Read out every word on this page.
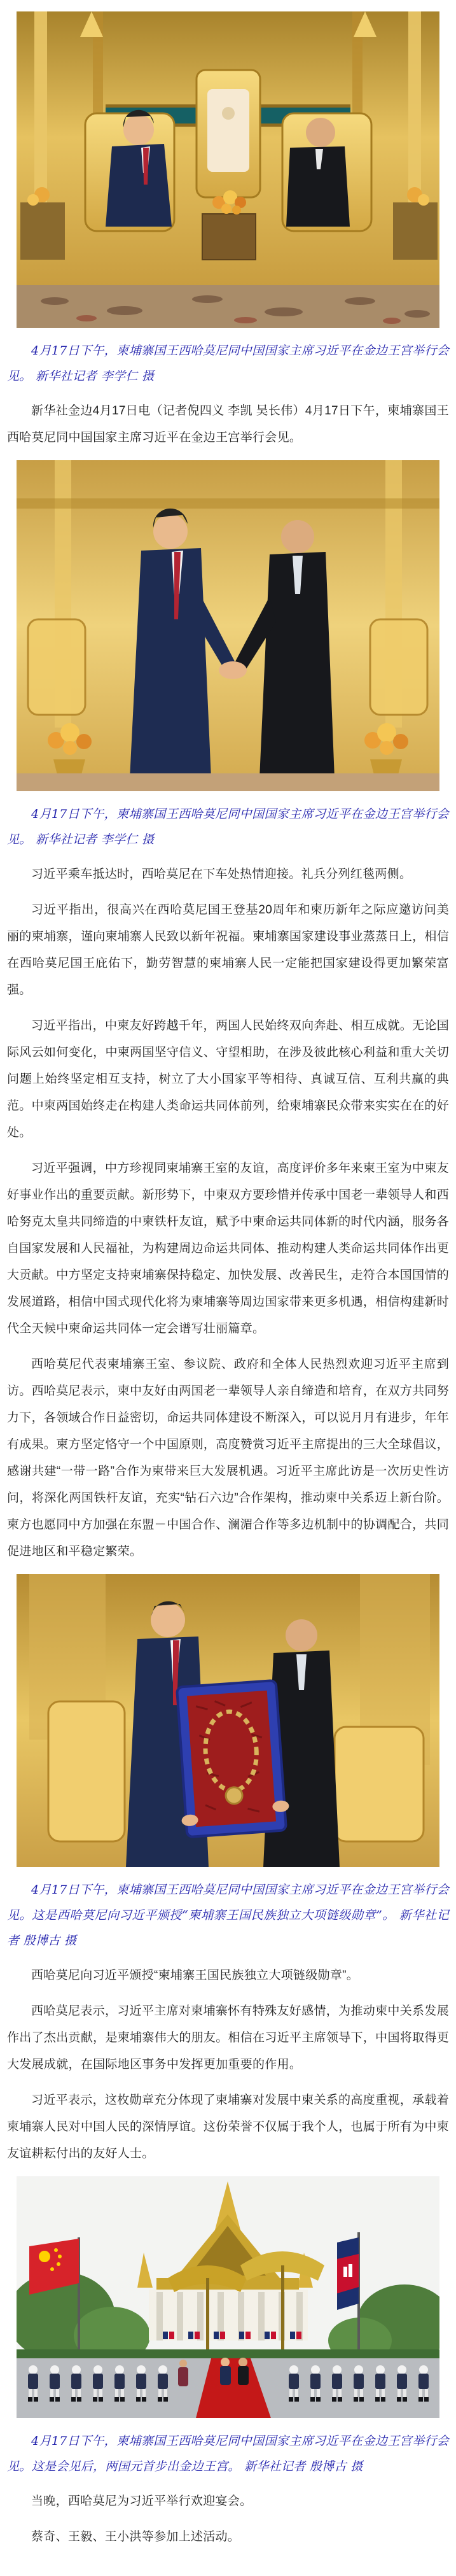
4月17日下午，柬埔寨国王西哈莫尼同中国国家主席习近平在金边王宫举行会见。 新华社记者 李学仁 摄

新华社金边4月17日电（记者倪四义 李凯 吴长伟）4月17日下午，柬埔寨国王西哈莫尼同中国国家主席习近平在金边王宫举行会见。

4月17日下午，柬埔寨国王西哈莫尼同中国国家主席习近平在金边王宫举行会见。 新华社记者 李学仁 摄

习近平乘车抵达时，西哈莫尼在下车处热情迎接。礼兵分列红毯两侧。

习近平指出，很高兴在西哈莫尼国王登基20周年和柬历新年之际应邀访问美丽的柬埔寨，谨向柬埔寨人民致以新年祝福。柬埔寨国家建设事业蒸蒸日上，相信在西哈莫尼国王庇佑下，勤劳智慧的柬埔寨人民一定能把国家建设得更加繁荣富强。

习近平指出，中柬友好跨越千年，两国人民始终双向奔赴、相互成就。无论国际风云如何变化，中柬两国坚守信义、守望相助，在涉及彼此核心利益和重大关切问题上始终坚定相互支持，树立了大小国家平等相待、真诚互信、互利共赢的典范。中柬两国始终走在构建人类命运共同体前列，给柬埔寨民众带来实实在在的好处。

习近平强调，中方珍视同柬埔寨王室的友谊，高度评价多年来柬王室为中柬友好事业作出的重要贡献。新形势下，中柬双方要珍惜并传承中国老一辈领导人和西哈努克太皇共同缔造的中柬铁杆友谊，赋予中柬命运共同体新的时代内涵，服务各自国家发展和人民福祉，为构建周边命运共同体、推动构建人类命运共同体作出更大贡献。中方坚定支持柬埔寨保持稳定、加快发展、改善民生，走符合本国国情的发展道路，相信中国式现代化将为柬埔寨等周边国家带来更多机遇，相信构建新时代全天候中柬命运共同体一定会谱写壮丽篇章。

西哈莫尼代表柬埔寨王室、参议院、政府和全体人民热烈欢迎习近平主席到访。西哈莫尼表示，柬中友好由两国老一辈领导人亲自缔造和培育，在双方共同努力下，各领域合作日益密切，命运共同体建设不断深入，可以说月月有进步，年年有成果。柬方坚定恪守一个中国原则，高度赞赏习近平主席提出的三大全球倡议，感谢共建“一带一路”合作为柬带来巨大发展机遇。习近平主席此访是一次历史性访问，将深化两国铁杆友谊，充实“钻石六边”合作架构，推动柬中关系迈上新台阶。柬方也愿同中方加强在东盟－中国合作、澜湄合作等多边机制中的协调配合，共同促进地区和平稳定繁荣。

4月17日下午，柬埔寨国王西哈莫尼同中国国家主席习近平在金边王宫举行会见。这是西哈莫尼向习近平颁授“柬埔寨王国民族独立大项链级勋章”。 新华社记者 殷博古 摄

西哈莫尼向习近平颁授“柬埔寨王国民族独立大项链级勋章”。

西哈莫尼表示，习近平主席对柬埔寨怀有特殊友好感情，为推动柬中关系发展作出了杰出贡献，是柬埔寨伟大的朋友。相信在习近平主席领导下，中国将取得更大发展成就，在国际地区事务中发挥更加重要的作用。

习近平表示，这枚勋章充分体现了柬埔寨对发展中柬关系的高度重视，承载着柬埔寨人民对中国人民的深情厚谊。这份荣誉不仅属于我个人，也属于所有为中柬友谊耕耘付出的友好人士。

4月17日下午，柬埔寨国王西哈莫尼同中国国家主席习近平在金边王宫举行会见。这是会见后，两国元首步出金边王宫。 新华社记者 殷博古 摄

当晚，西哈莫尼为习近平举行欢迎宴会。

蔡奇、王毅、王小洪等参加上述活动。
